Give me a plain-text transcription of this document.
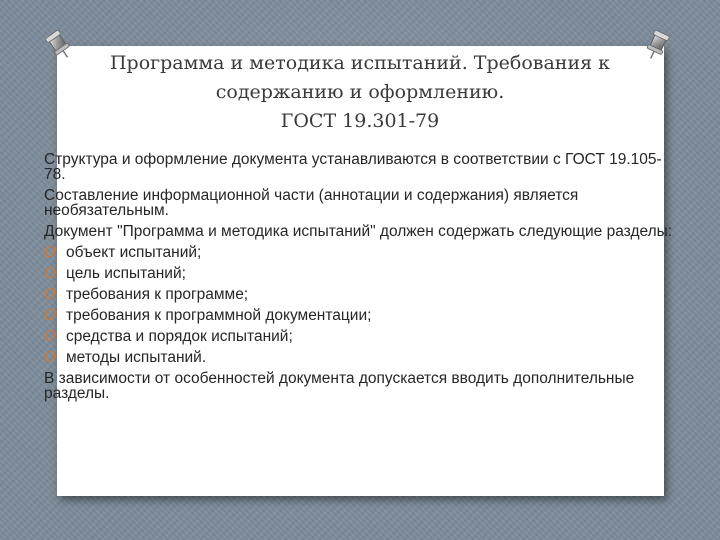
Программа и методика испытаний. Требования к
содержанию и оформлению.
ГОСТ 19.301-79
Структура и оформление документа устанавливаются в соответствии с ГОСТ 19.105-78.
Составление информационной части (аннотации и содержания) является необязательным.
Документ "Программа и методика испытаний" должен содержать следующие разделы:
O объект испытаний;
O цель испытаний;
O требования к программе;
O требования к программной документации;
O средства и порядок испытаний;
O методы испытаний.
В зависимости от особенностей документа допускается вводить дополнительные разделы.
